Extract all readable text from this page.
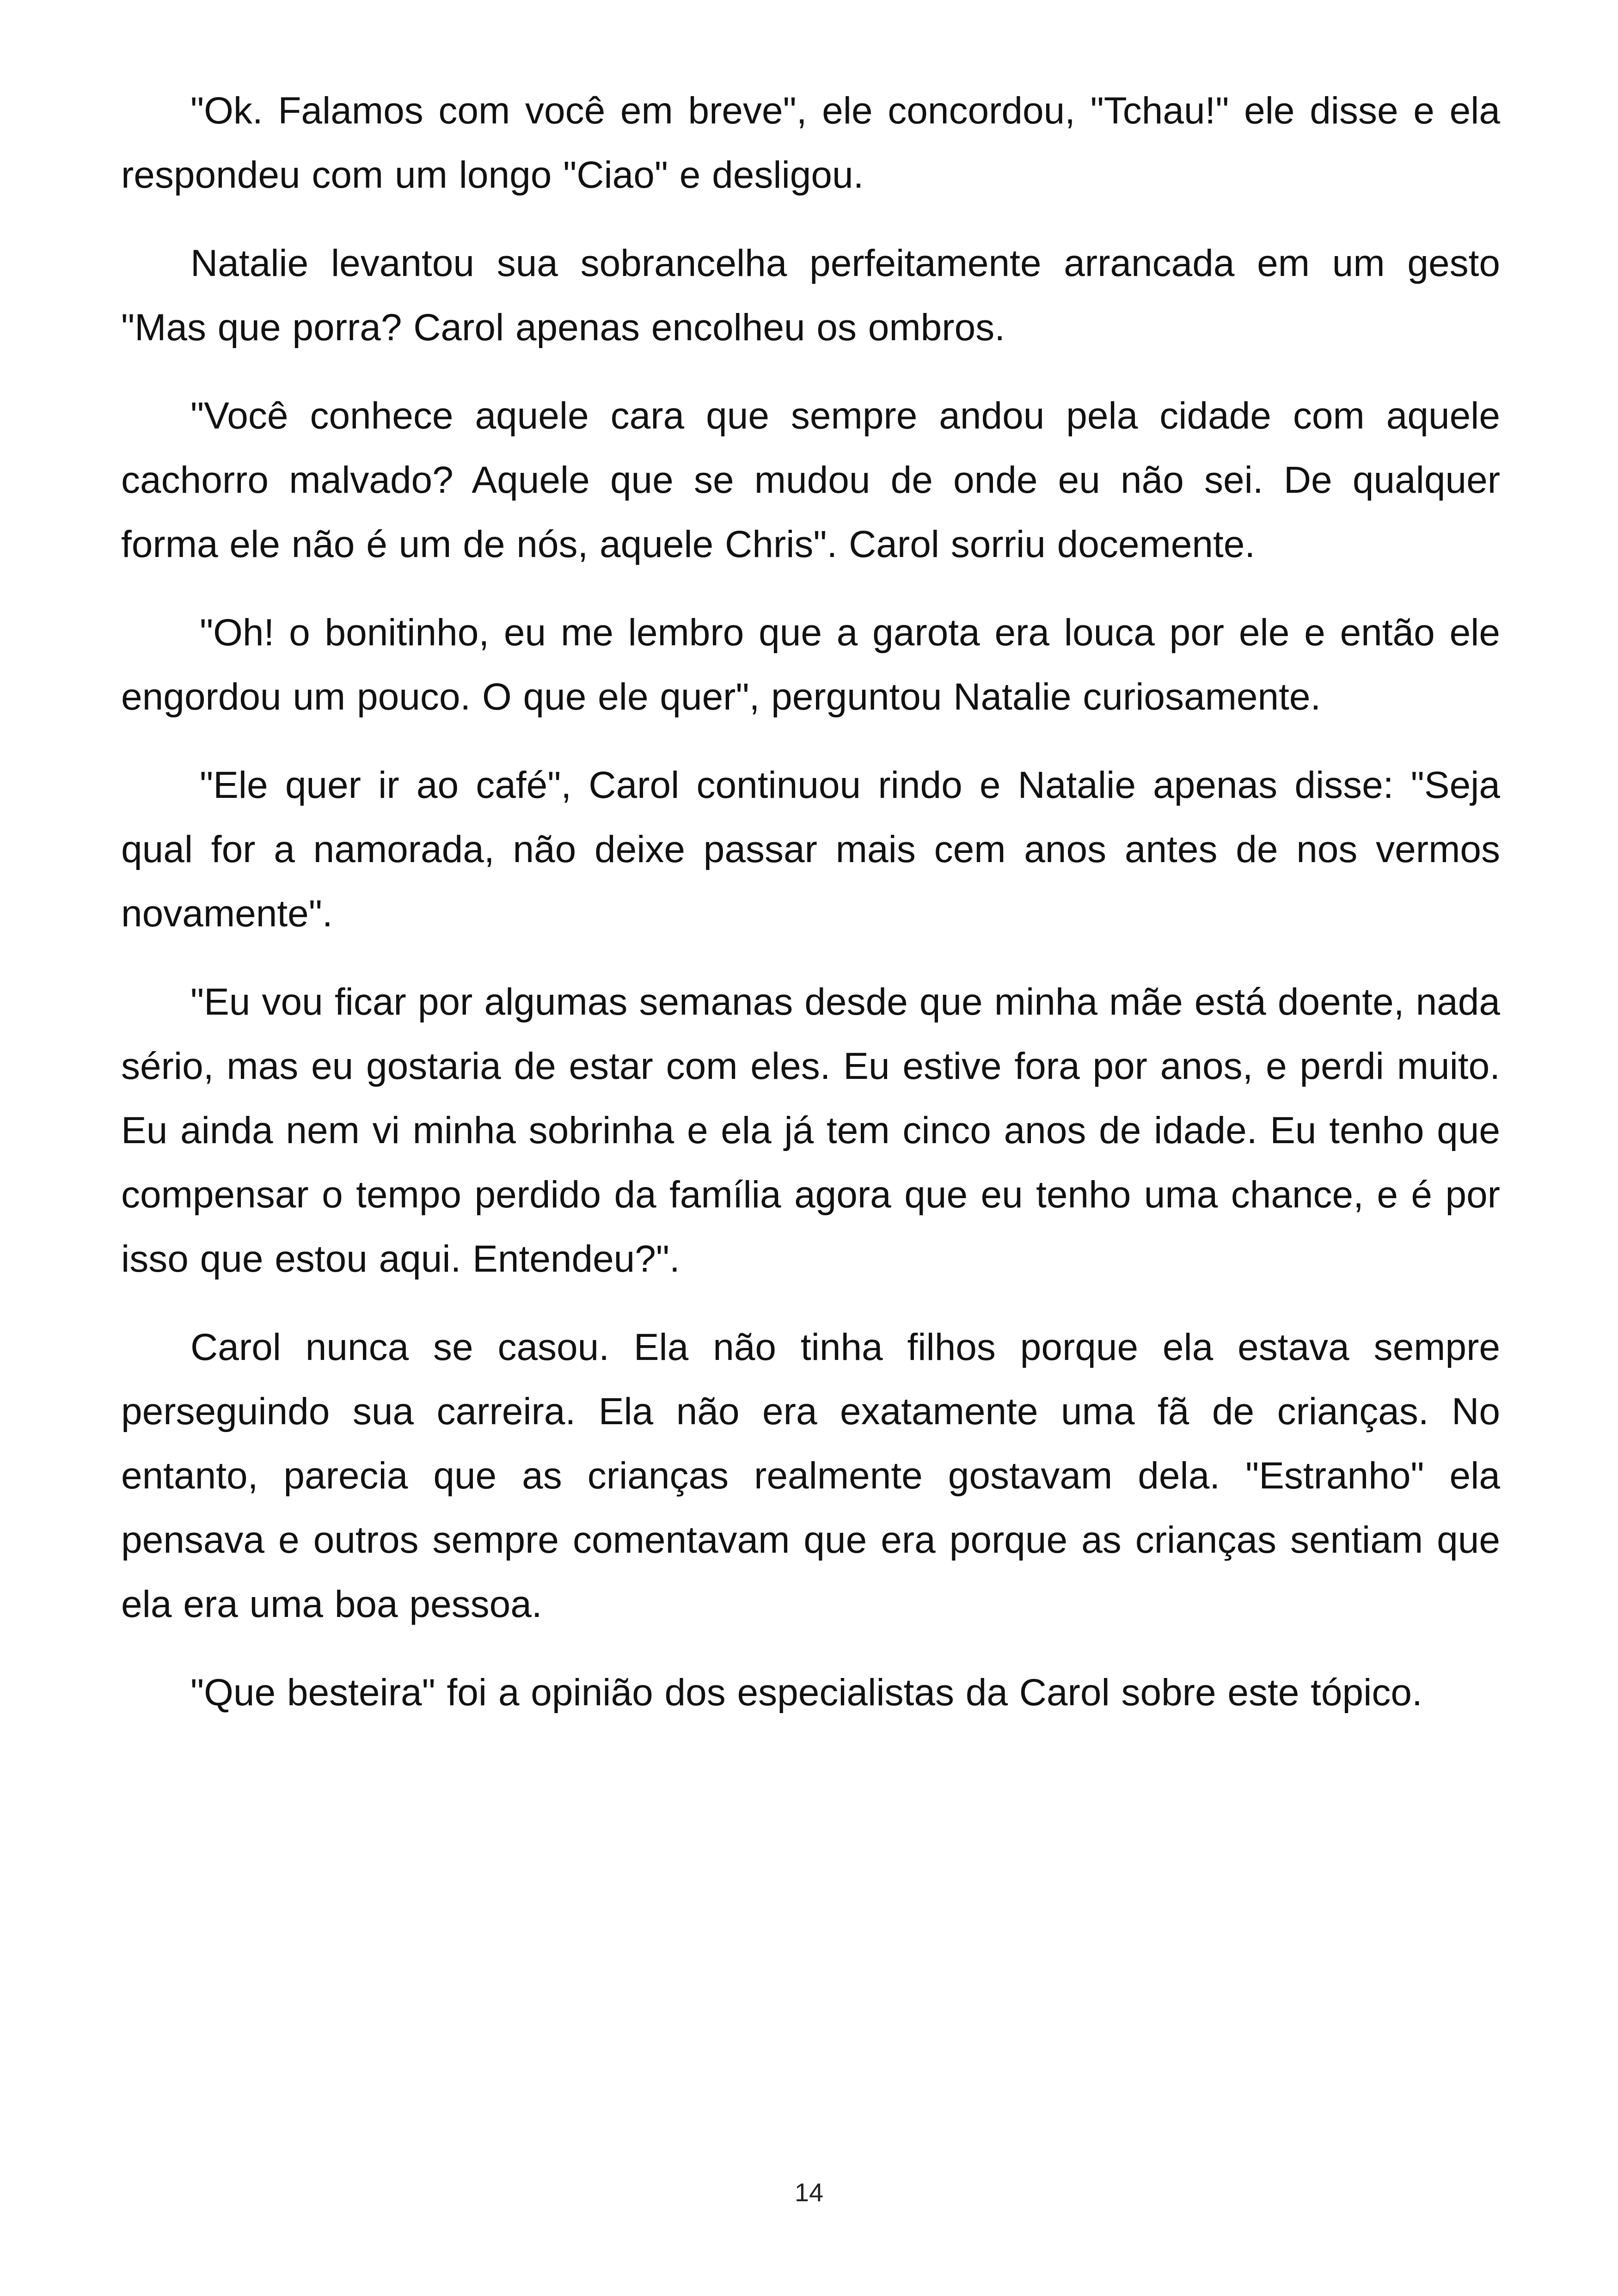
"Ok. Falamos com você em breve", ele concordou, "Tchau!" ele disse e ela respondeu com um longo "Ciao" e desligou.

Natalie levantou sua sobrancelha perfeitamente arrancada em um gesto "Mas que porra? Carol apenas encolheu os ombros.

"Você conhece aquele cara que sempre andou pela cidade com aquele cachorro malvado? Aquele que se mudou de onde eu não sei. De qualquer forma ele não é um de nós, aquele Chris". Carol sorriu docemente.

"Oh! o bonitinho, eu me lembro que a garota era louca por ele e então ele engordou um pouco. O que ele quer", perguntou Natalie curiosamente.

"Ele quer ir ao café", Carol continuou rindo e Natalie apenas disse: "Seja qual for a namorada, não deixe passar mais cem anos antes de nos vermos novamente".

"Eu vou ficar por algumas semanas desde que minha mãe está doente, nada sério, mas eu gostaria de estar com eles. Eu estive fora por anos, e perdi muito. Eu ainda nem vi minha sobrinha e ela já tem cinco anos de idade. Eu tenho que compensar o tempo perdido da família agora que eu tenho uma chance, e é por isso que estou aqui. Entendeu?".

Carol nunca se casou. Ela não tinha filhos porque ela estava sempre perseguindo sua carreira. Ela não era exatamente uma fã de crianças. No entanto, parecia que as crianças realmente gostavam dela. "Estranho" ela pensava e outros sempre comentavam que era porque as crianças sentiam que ela era uma boa pessoa.

"Que besteira" foi a opinião dos especialistas da Carol sobre este tópico.

14
